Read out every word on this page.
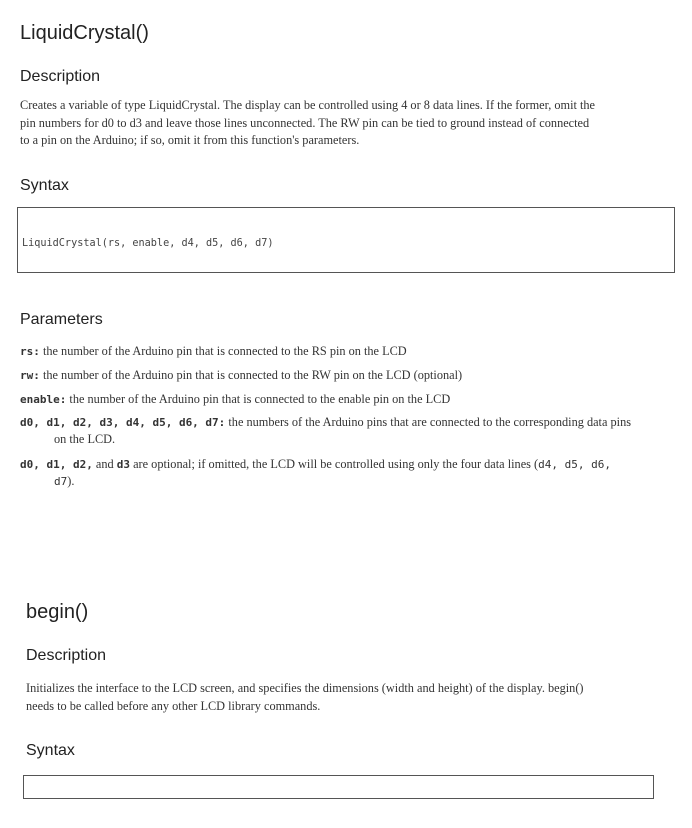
LiquidCrystal()
Description

Creates a variable of type LiquidCrystal. The display can be controlled using 4 or 8 data lines. If the former, omit the
pin numbers for d0 to d3 and leave those lines unconnected. The RW pin can be tied to ground instead of connected
to a pin on the Arduino; if so, omit it from this function's parameters.

Syntax

LiquidCrystal(rs, enable, d4, d5, d6, d7)

Parameters

rs: the number of the Arduino pin that is connected to the RS pin on the LCD

rw: the number of the Arduino pin that is connected to the RW pin on the LCD (optional)

enable: the number of the Arduino pin that is connected to the enable pin on the LCD

d0, d1, d2, d3, d4, d5, d6, d7: the numbers of the Arduino pins that are connected to the corresponding data pins
on the LCD.

d0, d1, d2, and d3 are optional; if omitted, the LCD will be controlled using only the four data lines (d4, d5, d6,
d7).

begin()
Description

Initializes the interface to the LCD screen, and specifies the dimensions (width and height) of the display. begin()
needs to be called before any other LCD library commands.

Syntax
